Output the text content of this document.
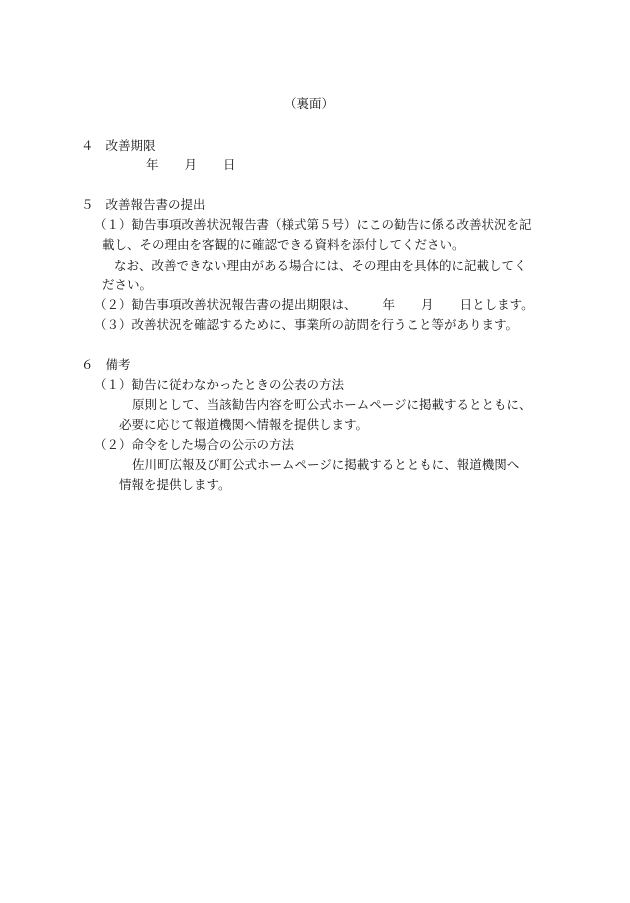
（裏面）
４ 改善期限
年 月 日
５ 改善報告書の提出
（１）勧告事項改善状況報告書（様式第５号）にこの勧告に係る改善状況を記
載し、その理由を客観的に確認できる資料を添付してください。
なお、改善できない理由がある場合には、その理由を具体的に記載してく
ださい。
（２）勧告事項改善状況報告書の提出期限は、 年 月 日とします。
（３）改善状況を確認するために、事業所の訪問を行うこと等があります。
６ 備考
（１）勧告に従わなかったときの公表の方法
原則として、当該勧告内容を町公式ホームページに掲載するとともに、
必要に応じて報道機関へ情報を提供します。
（２）命令をした場合の公示の方法
佐川町広報及び町公式ホームページに掲載するとともに、報道機関へ
情報を提供します。
